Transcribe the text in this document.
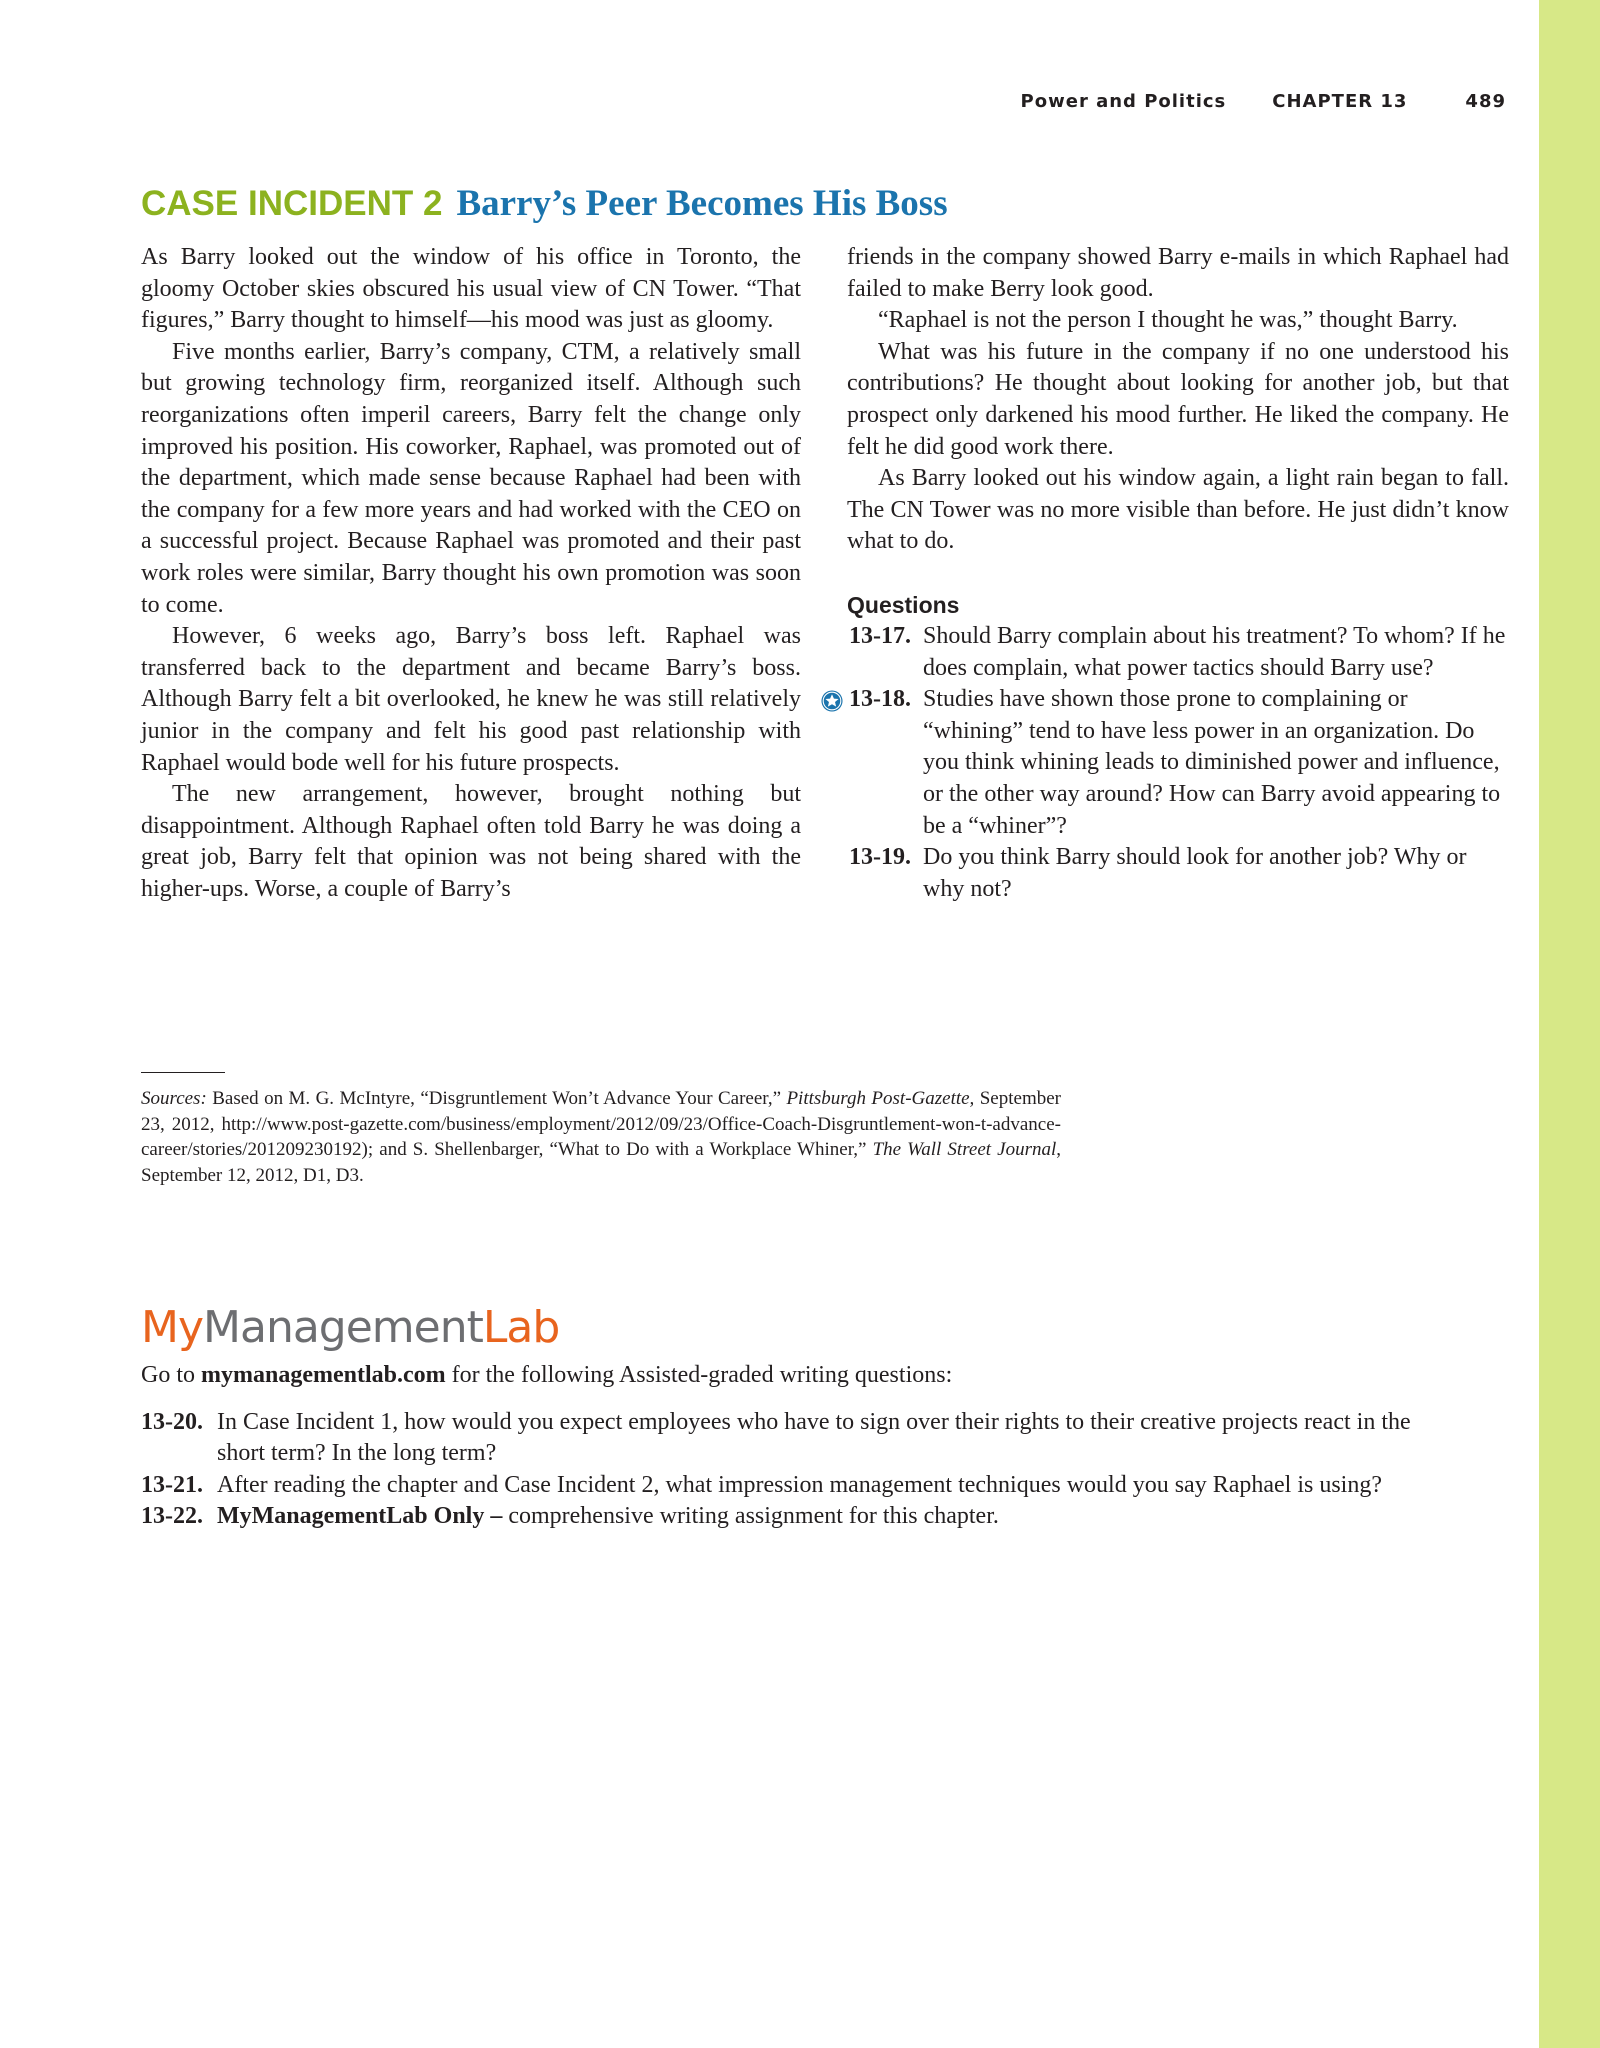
Power and Politics	CHAPTER 13	489
CASE INCIDENT 2 Barry’s Peer Becomes His Boss

As Barry looked out the window of his office in Toronto, the gloomy October skies obscured his usual view of CN Tower. “That figures,” Barry thought to himself—his mood was just as gloomy.

Five months earlier, Barry’s company, CTM, a relatively small but growing technology firm, reorganized itself. Although such reorganizations often imperil careers, Barry felt the change only improved his position. His coworker, Raphael, was promoted out of the department, which made sense because Raphael had been with the company for a few more years and had worked with the CEO on a successful project. Because Raphael was promoted and their past work roles were similar, Barry thought his own promotion was soon to come.

However, 6 weeks ago, Barry’s boss left. Raphael was transferred back to the department and became Barry’s boss. Although Barry felt a bit overlooked, he knew he was still relatively junior in the company and felt his good past relationship with Raphael would bode well for his future prospects.

The new arrangement, however, brought nothing but disappointment. Although Raphael often told Barry he was doing a great job, Barry felt that opinion was not being shared with the higher-ups. Worse, a couple of Barry’s

friends in the company showed Barry e-mails in which Raphael had failed to make Berry look good.

“Raphael is not the person I thought he was,” thought Barry.

What was his future in the company if no one understood his contributions? He thought about looking for another job, but that prospect only darkened his mood further. He liked the company. He felt he did good work there.

As Barry looked out his window again, a light rain began to fall. The CN Tower was no more visible than before. He just didn’t know what to do.

Questions
13-17. Should Barry complain about his treatment? To whom? If he does complain, what power tactics should Barry use?
13-18. Studies have shown those prone to complaining or “whining” tend to have less power in an organization. Do you think whining leads to diminished power and influence, or the other way around? How can Barry avoid appearing to be a “whiner”?
13-19. Do you think Barry should look for another job? Why or why not?
Sources: Based on M. G. McIntyre, “Disgruntlement Won’t Advance Your Career,” Pittsburgh Post-Gazette, September 23, 2012, http://www.post-gazette.com/business/employment/2012/09/23/Office-Coach-Disgruntlement-won-t-advance-career/stories/201209230192); and S. Shellenbarger, “What to Do with a Workplace Whiner,” The Wall Street Journal, September 12, 2012, D1, D3.
MyManagementLab

Go to mymanagementlab.com for the following Assisted-graded writing questions:

13-20. In Case Incident 1, how would you expect employees who have to sign over their rights to their creative projects react in the short term? In the long term?
13-21. After reading the chapter and Case Incident 2, what impression management techniques would you say Raphael is using?
13-22. MyManagementLab Only – comprehensive writing assignment for this chapter.
